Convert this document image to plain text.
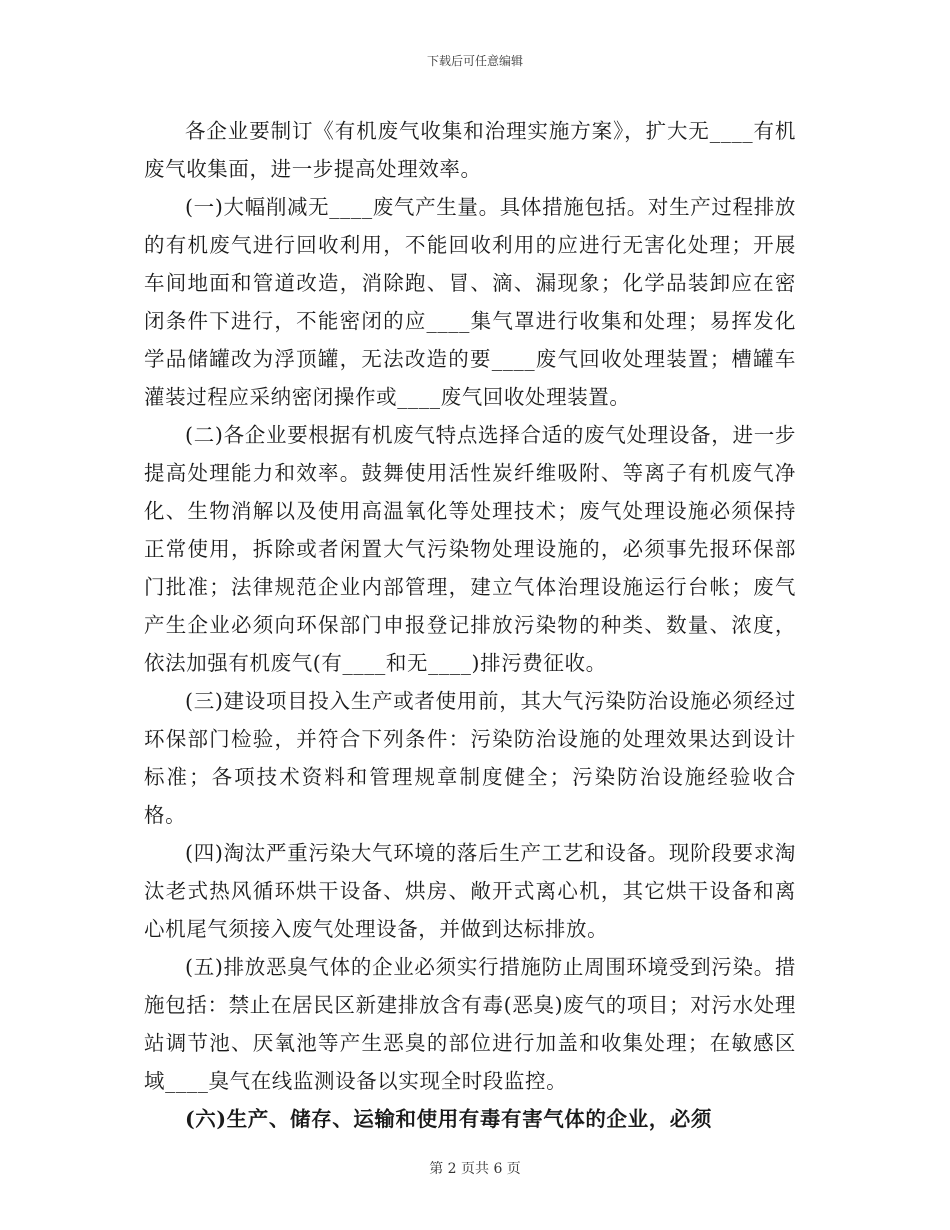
下载后可任意编辑

各企业要制订《有机废气收集和治理实施方案》，扩大无____有机废气收集面，进一步提高处理效率。

(一)大幅削减无____废气产生量。具体措施包括。对生产过程排放的有机废气进行回收利用，不能回收利用的应进行无害化处理；开展车间地面和管道改造，消除跑、冒、滴、漏现象；化学品装卸应在密闭条件下进行，不能密闭的应____集气罩进行收集和处理；易挥发化学品储罐改为浮顶罐，无法改造的要____废气回收处理装置；槽罐车灌装过程应采纳密闭操作或____废气回收处理装置。

(二)各企业要根据有机废气特点选择合适的废气处理设备，进一步提高处理能力和效率。鼓舞使用活性炭纤维吸附、等离子有机废气净化、生物消解以及使用高温氧化等处理技术；废气处理设施必须保持正常使用，拆除或者闲置大气污染物处理设施的，必须事先报环保部门批准；法律规范企业内部管理，建立气体治理设施运行台帐；废气产生企业必须向环保部门申报登记排放污染物的种类、数量、浓度，依法加强有机废气(有____和无____)排污费征收。

(三)建设项目投入生产或者使用前，其大气污染防治设施必须经过环保部门检验，并符合下列条件：污染防治设施的处理效果达到设计标准；各项技术资料和管理规章制度健全；污染防治设施经验收合格。

(四)淘汰严重污染大气环境的落后生产工艺和设备。现阶段要求淘汰老式热风循环烘干设备、烘房、敞开式离心机，其它烘干设备和离心机尾气须接入废气处理设备，并做到达标排放。

(五)排放恶臭气体的企业必须实行措施防止周围环境受到污染。措施包括：禁止在居民区新建排放含有毒(恶臭)废气的项目；对污水处理站调节池、厌氧池等产生恶臭的部位进行加盖和收集处理；在敏感区域____臭气在线监测设备以实现全时段监控。

(六)生产、储存、运输和使用有毒有害气体的企业，必须

第 2 页共 6 页
